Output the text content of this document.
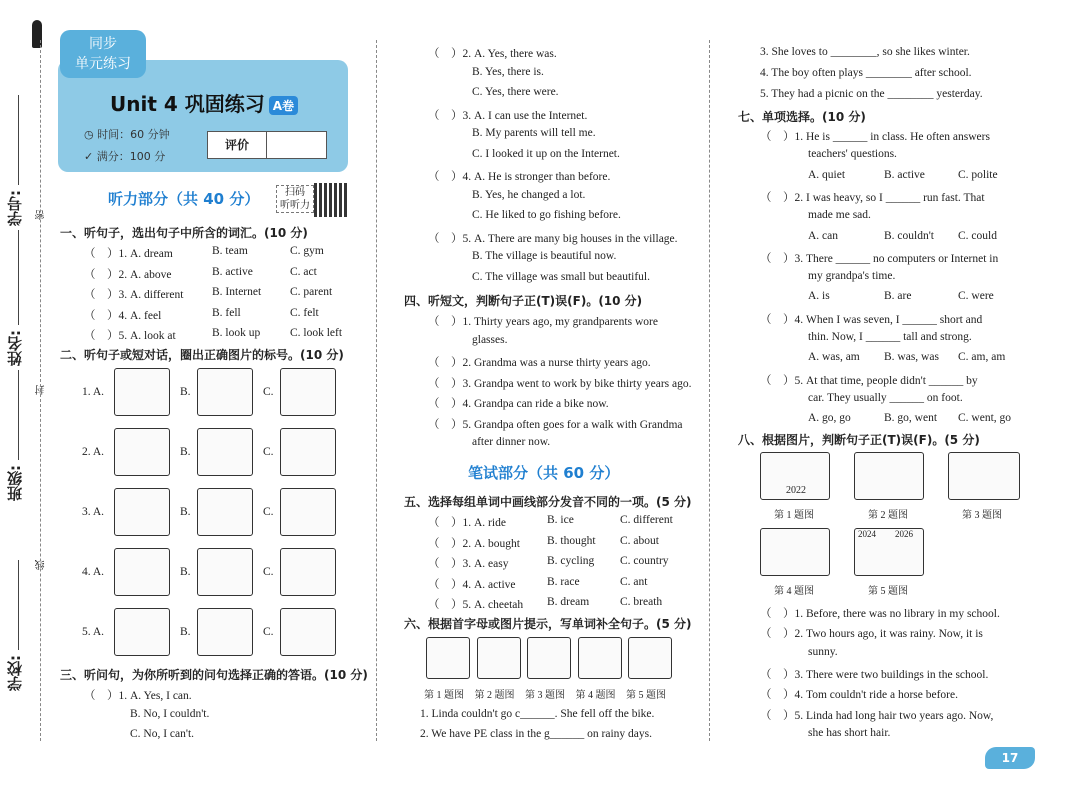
学校:
班级:
姓名:
学号: 密
封
线
同步
单元练习
Unit 4 巩固练习 A卷
◷ 时间：60 分钟
✓ 满分：100 分
评价
听力部分（共 40 分）	扫码
听听力
一、听句子，选出句子中所含的词汇。(10 分)
二、听句子或短对话，圈出正确图片的标号。(10 分)
三、听问句，为你所听到的问句选择正确的答语。(10 分)
（　）1. A. Yes, I can.
B. No, I couldn't.
C. No, I can't.
四、听短文，判断句子正(T)误(F)。(10 分)
笔试部分（共 60 分）
五、选择每组单词中画线部分发音不同的一项。(5 分)
六、根据首字母或图片提示，写单词补全句子。(5 分)
1. Linda couldn't go c______. She fell off the bike.
2. We have PE class in the g______ on rainy days.
3. She loves to ________, so she likes winter.
4. The boy often plays ________ after school.
5. They had a picnic on the ________ yesterday.
七、单项选择。(10 分)
八、根据图片，判断句子正(T)误(F)。(5 分)
17
（　）1. A. dream	B. team	C. gym
（　）2. A. above	B. active	C. act
（　）3. A. different B. Internet	C. parent
（　）4. A. feel	B. fell	C. felt
（　）5. A. look at	B. look up	C. look left
1. A.	B.	C.
2. A.	B.	C.
3. A.	B.	C.
4. A.	B.	C.
5. A.	B.	C.
（　）2. A. Yes, there was.
B. Yes, there is.
C. Yes, there were.
（　）3. A. I can use the Internet.
B. My parents will tell me.
C. I looked it up on the Internet.
（　）4. A. He is stronger than before.
B. Yes, he changed a lot.
C. He liked to go fishing before.
（　）5. A. There are many big houses in the village.
B. The village is beautiful now.
C. The village was small but beautiful.
（　）1. Thirty years ago, my grandparents wore
glasses.
（　）2. Grandma was a nurse thirty years ago.
（　）3. Grandpa went to work by bike thirty years ago.
（　）4. Grandpa can ride a bike now.
（　）5. Grandpa often goes for a walk with Grandma
after dinner now.
（　）1. A. ride	B. ice	C. different
（　）2. A. bought B. thought C. about
（　）3. A. easy	B. cycling C. country
（　）4. A. active	B. race	C. ant
（　）5. A. cheetah B. dream	C. breath
第 1 题图 第 2 题图 第 3 题图 第 4 题图 第 5 题图
（　）1. He is ______ in class. He often answers
teachers' questions.
A. quiet	B. active	C. polite
（　）2. I was heavy, so I ______ run fast. That
made me sad.
A. can	B. couldn't C. could
（　）3. There ______ no computers or Internet in
my grandpa's time.
A. is	B. are	C. were
（　）4. When I was seven, I ______ short and
thin. Now, I ______ tall and strong.
A. was, am B. was, was C. am, am
（　）5. At that time, people didn't ______ by
car. They usually ______ on foot.
A. go, go	B. go, went C. went, go
第 1 题图	第 2 题图	第 3 题图
第 4 题图	第 5 题图
2022
2024 2026
（　）1. Before, there was no library in my school.
（　）2. Two hours ago, it was rainy. Now, it is
sunny.
（　）3. There were two buildings in the school.
（　）4. Tom couldn't ride a horse before.
（　）5. Linda had long hair two years ago. Now,
she has short hair.
